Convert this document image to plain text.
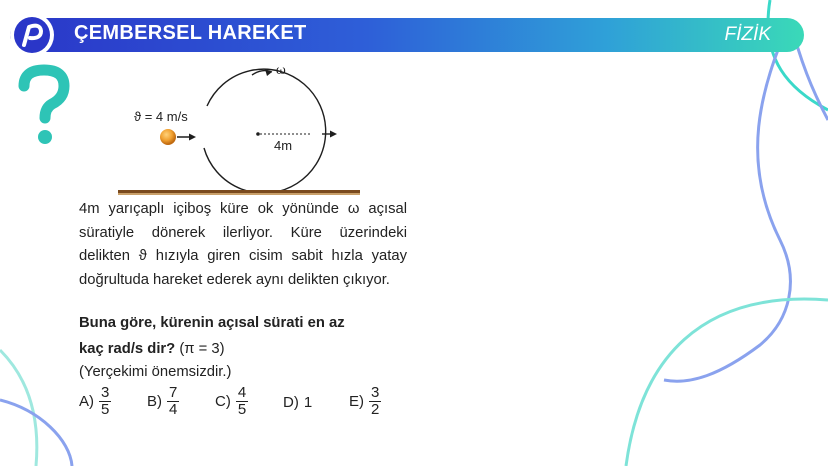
ÇEMBERSEL HAREKET	FİZİK
ω
ϑ = 4 m/s
4m
4m yarıçaplı içiboş küre ok yönünde ω açısal süratiyle dönerek ilerliyor. Küre üzerindeki delikten ϑ hızıyla giren cisim sabit hızla yatay doğrultuda hareket ederek aynı delikten çıkıyor.
Buna göre, kürenin açısal sürati en az
kaç rad/s dir? (π = 3)
(Yerçekimi önemsizdir.)
$A) \frac{3}{5} B) \frac{7}{4} C) \frac{4}{5} D$) 1 $E) \frac{3}{2}$
